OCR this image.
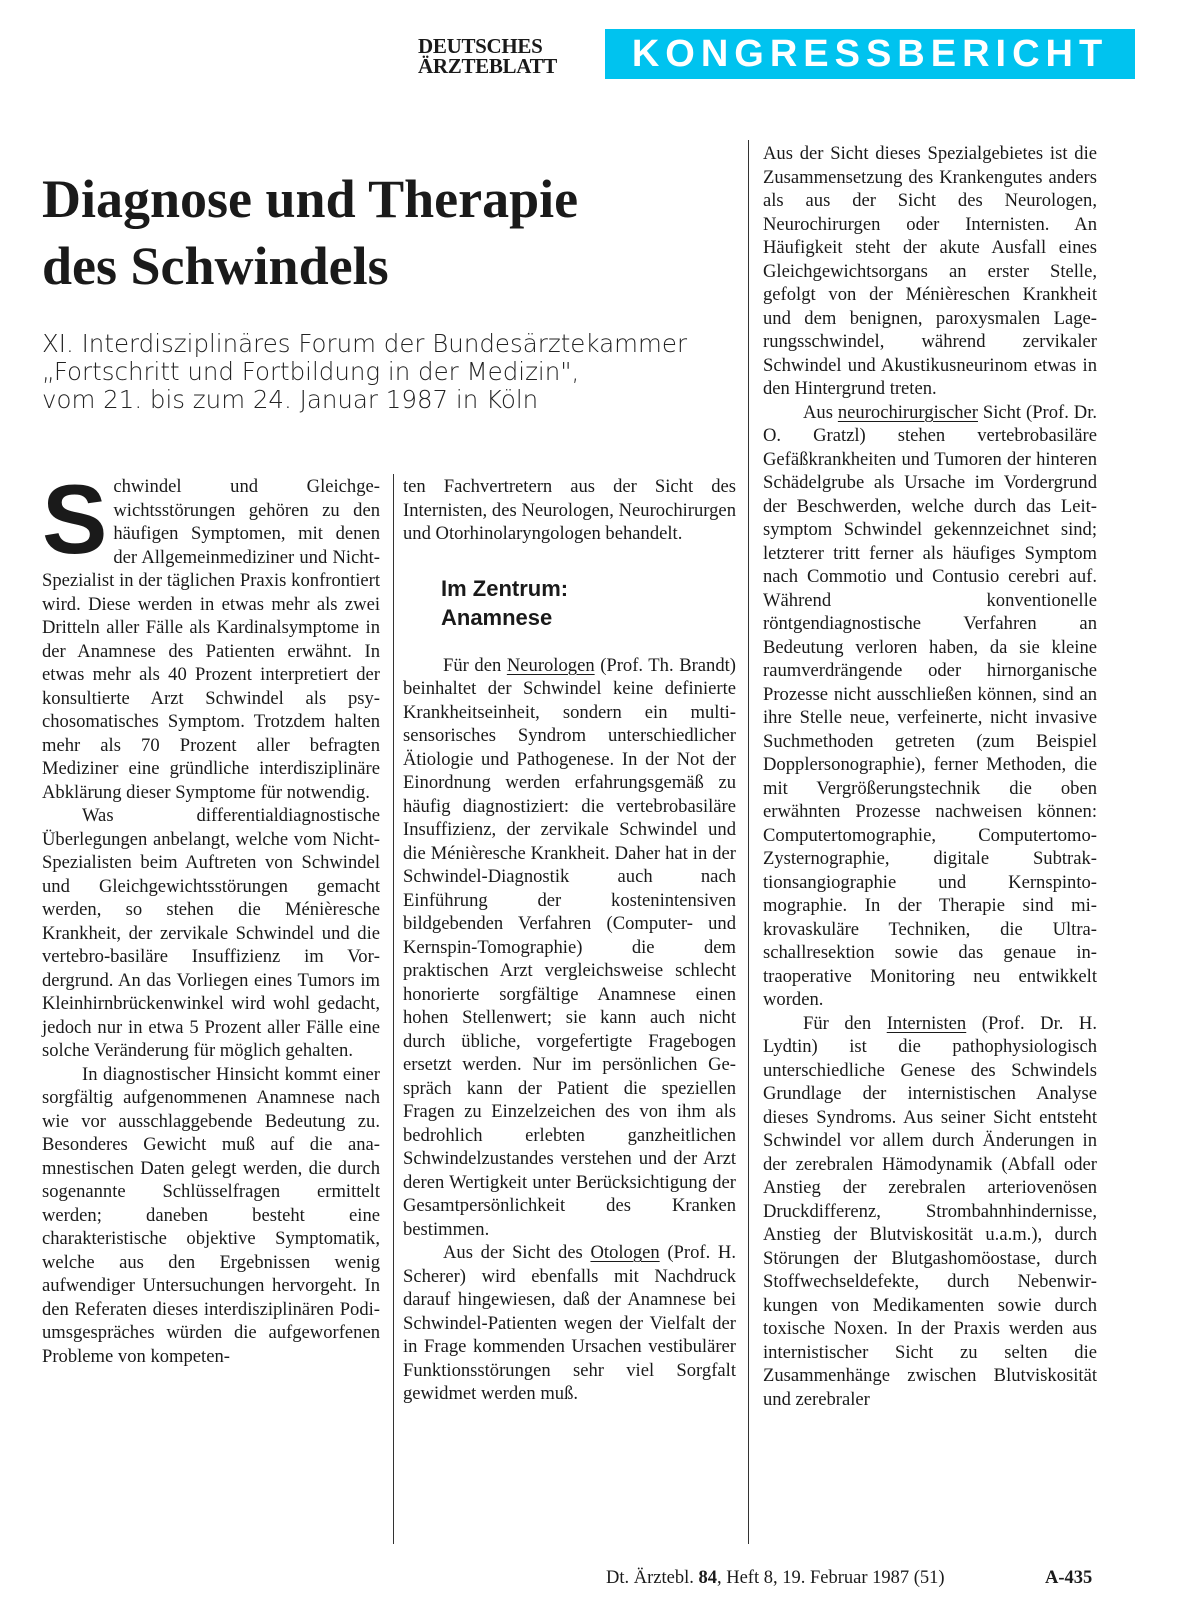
DEUTSCHES
ÄRZTEBLATT	KONGRESSBERICHT
Diagnose und Therapie
des Schwindels
XI. Interdisziplinäres Forum der Bundesärztekammer
„Fortschritt und Fortbildung in der Medizin",
vom 21. bis zum 24. Januar 1987 in Köln

Schwindel und Gleichgewichtsstörungen gehören zu den häufigen Symptomen, mit denen der Allgemeinmediziner und Nicht-Spezialist in der täglichen Praxis konfrontiert wird. Diese werden in etwas mehr als zwei Dritteln aller Fälle als Kardinalsymptome in der Anamnese des Patienten erwähnt. In etwas mehr als 40 Prozent interpretiert der konsultierte Arzt Schwindel als psychosomatisches Symptom. Trotzdem halten mehr als 70 Prozent aller befragten Mediziner eine gründliche interdisziplinäre Abklärung dieser Symptome für notwendig.

Was differentialdiagnostische Überlegungen anbelangt, welche vom Nicht-Spezialisten beim Auftreten von Schwindel und Gleichgewichtsstörungen gemacht werden, so stehen die Ménièresche Krankheit, der zervikale Schwindel und die vertebro-basiläre Insuffizienz im Vordergrund. An das Vorliegen eines Tumors im Kleinhirnbrückenwinkel wird wohl gedacht, jedoch nur in etwa 5 Prozent aller Fälle eine solche Veränderung für möglich gehalten.

In diagnostischer Hinsicht kommt einer sorgfältig aufgenommenen Anamnese nach wie vor ausschlaggebende Bedeutung zu. Besonderes Gewicht muß auf die anamnestischen Daten gelegt werden, die durch sogenannte Schlüsselfragen ermittelt werden; daneben besteht eine charakteristische objektive Symptomatik, welche aus den Ergebnissen wenig aufwendiger Untersuchungen hervorgeht. In den Referaten dieses interdisziplinären Podiumsgespräches würden die aufgeworfenen Probleme von kompeten-

ten Fachvertretern aus der Sicht des Internisten, des Neurologen, Neurochirurgen und Otorhinolaryngologen behandelt.

Im Zentrum:
Anamnese

Für den Neurologen (Prof. Th. Brandt) beinhaltet der Schwindel keine definierte Krankheitseinheit, sondern ein multi-sensorisches Syndrom unterschiedlicher Ätiologie und Pathogenese. In der Not der Einordnung werden erfahrungsgemäß zu häufig diagnostiziert: die vertebrobasiläre Insuffizienz, der zervikale Schwindel und die Ménièresche Krankheit. Daher hat in der Schwindel-Diagnostik auch nach Einführung der kostenintensiven bildgebenden Verfahren (Computer- und Kernspin-Tomographie) die dem praktischen Arzt vergleichsweise schlecht honorierte sorgfältige Anamnese einen hohen Stellenwert; sie kann auch nicht durch übliche, vorgefertigte Fragebogen ersetzt werden. Nur im persönlichen Gespräch kann der Patient die speziellen Fragen zu Einzelzeichen des von ihm als bedrohlich erlebten ganzheitlichen Schwindelzustandes verstehen und der Arzt deren Wertigkeit unter Berücksichtigung der Gesamtpersönlichkeit des Kranken bestimmen.

Aus der Sicht des Otologen (Prof. H. Scherer) wird ebenfalls mit Nachdruck darauf hingewiesen, daß der Anamnese bei Schwindel-Patienten wegen der Vielfalt der in Frage kommenden Ursachen vestibulärer Funktionsstörungen sehr viel Sorgfalt gewidmet werden muß.

Aus der Sicht dieses Spezialgebietes ist die Zusammensetzung des Krankengutes anders als aus der Sicht des Neurologen, Neurochirurgen oder Internisten. An Häufigkeit steht der akute Ausfall eines Gleichgewichtsorgans an erster Stelle, gefolgt von der Ménièreschen Krankheit und dem benignen, paroxysmalen Lagerungsschwindel, während zervikaler Schwindel und Akustikusneurinom etwas in den Hintergrund treten.

Aus neurochirurgischer Sicht (Prof. Dr. O. Gratzl) stehen vertebrobasiläre Gefäßkrankheiten und Tumoren der hinteren Schädelgrube als Ursache im Vordergrund der Beschwerden, welche durch das Leitsymptom Schwindel gekennzeichnet sind; letzterer tritt ferner als häufiges Symptom nach Commotio und Contusio cerebri auf. Während konventionelle röntgendiagnostische Verfahren an Bedeutung verloren haben, da sie kleine raumverdrängende oder hirnorganische Prozesse nicht ausschließen können, sind an ihre Stelle neue, verfeinerte, nicht invasive Suchmethoden getreten (zum Beispiel Dopplersonographie), ferner Methoden, die mit Vergrößerungstechnik die oben erwähnten Prozesse nachweisen können: Computertomographie, Computertomo-Zysternographie, digitale Subtraktionsangiographie und Kernspintomographie. In der Therapie sind mikrovaskuläre Techniken, die Ultraschallresektion sowie das genaue intraoperative Monitoring neu entwikkelt worden.

Für den Internisten (Prof. Dr. H. Lydtin) ist die pathophysiologisch unterschiedliche Genese des Schwindels Grundlage der internistischen Analyse dieses Syndroms. Aus seiner Sicht entsteht Schwindel vor allem durch Änderungen in der zerebralen Hämodynamik (Abfall oder Anstieg der zerebralen arteriovenösen Druckdifferenz, Strombahnhindernisse, Anstieg der Blutviskosität u.a.m.), durch Störungen der Blutgashomöostase, durch Stoffwechseldefekte, durch Nebenwirkungen von Medikamenten sowie durch toxische Noxen. In der Praxis werden aus internistischer Sicht zu selten die Zusammenhänge zwischen Blutviskosität und zerebraler

Dt. Ärztebl. 84, Heft 8, 19. Februar 1987 (51)	A-435
